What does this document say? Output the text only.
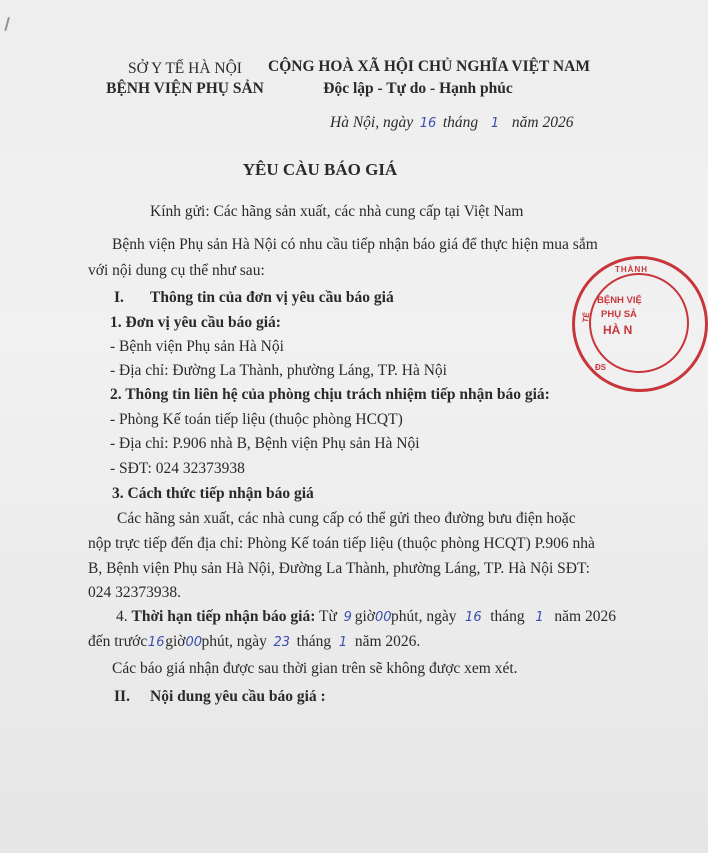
SỞ Y TẾ HÀ NỘI
BỆNH VIỆN PHỤ SẢN
CỘNG HOÀ XÃ HỘI CHỦ NGHĨA VIỆT NAM
Độc lập - Tự do - Hạnh phúc
Hà Nội, ngày 16 tháng 1 năm 2026
YÊU CÀU BÁO GIÁ
Kính gửi: Các hãng sản xuất, các nhà cung cấp tại Việt Nam
Bệnh viện Phụ sản Hà Nội có nhu cầu tiếp nhận báo giá để thực hiện mua sắm
với nội dung cụ thể như sau:
I. Thông tin của đơn vị yêu cầu báo giá
1. Đơn vị yêu cầu báo giá:
- Bệnh viện Phụ sản Hà Nội
- Địa chỉ: Đường La Thành, phường Láng, TP. Hà Nội
2. Thông tin liên hệ của phòng chịu trách nhiệm tiếp nhận báo giá:
- Phòng Kế toán tiếp liệu (thuộc phòng HCQT)
- Địa chỉ: P.906 nhà B, Bệnh viện Phụ sản Hà Nội
- SĐT: 024 32373938
3. Cách thức tiếp nhận báo giá
Các hãng sản xuất, các nhà cung cấp có thể gửi theo đường bưu điện hoặc
nộp trực tiếp đến địa chỉ: Phòng Kế toán tiếp liệu (thuộc phòng HCQT) P.906 nhà
B, Bệnh viện Phụ sản Hà Nội, Đường La Thành, phường Láng, TP. Hà Nội SĐT:
024 32373938.
4. Thời hạn tiếp nhận báo giá: Từ 9 giờ00phút, ngày 16 tháng 1 năm 2026
đến trước16giờ00phút, ngày 23 tháng 1 năm 2026.
Các báo giá nhận được sau thời gian trên sẽ không được xem xét.
II. Nội dung yêu cầu báo giá :
THÀNH
TẾ
BỆNH VIỆ
PHỤ SẢ
HÀ N
ĐS
